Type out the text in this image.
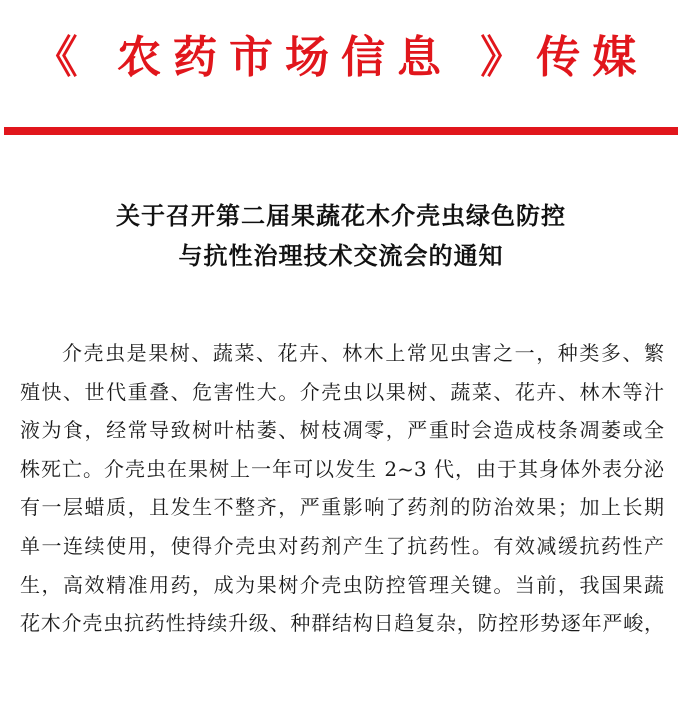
《 农药市场信息 》传媒
关于召开第二届果蔬花木介壳虫绿色防控
与抗性治理技术交流会的通知
介壳虫是果树、蔬菜、花卉、林木上常见虫害之一，种类多、繁
殖快、世代重叠、危害性大。介壳虫以果树、蔬菜、花卉、林木等汁
液为食，经常导致树叶枯萎、树枝凋零，严重时会造成枝条凋萎或全
株死亡。介壳虫在果树上一年可以发生 2~3 代，由于其身体外表分泌
有一层蜡质，且发生不整齐，严重影响了药剂的防治效果；加上长期
单一连续使用，使得介壳虫对药剂产生了抗药性。有效减缓抗药性产
生，高效精准用药，成为果树介壳虫防控管理关键。当前，我国果蔬
花木介壳虫抗药性持续升级、种群结构日趋复杂，防控形势逐年严峻，
